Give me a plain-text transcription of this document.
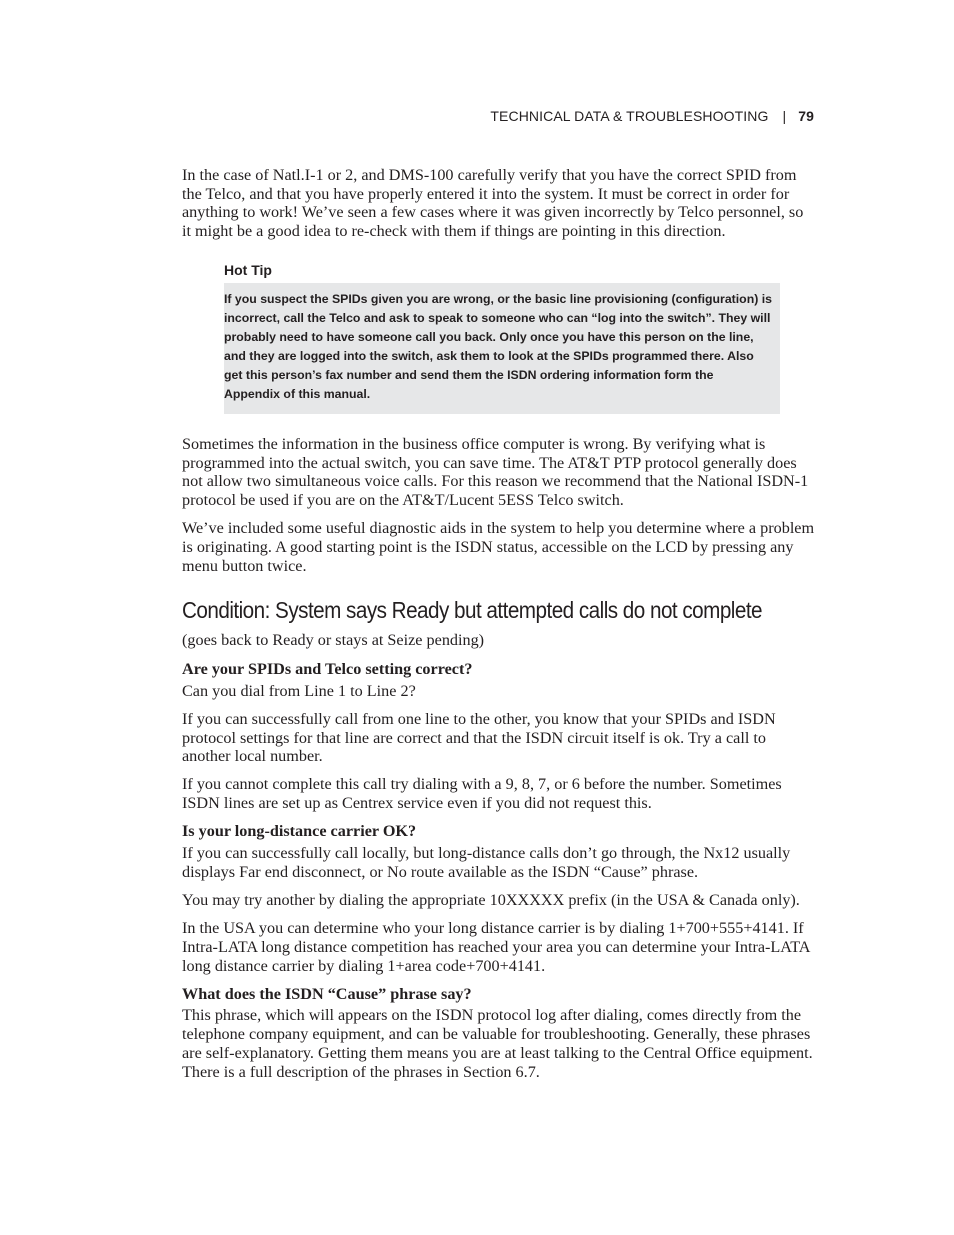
TECHNICAL DATA & TROUBLESHOOTING | 79

In the case of Natl.I-1 or 2, and DMS-100 carefully verify that you have the correct SPID from the Telco, and that you have properly entered it into the system. It must be correct in order for anything to work! We’ve seen a few cases where it was given incorrectly by Telco personnel, so it might be a good idea to re-check with them if things are pointing in this direction.

Hot Tip
If you suspect the SPIDs given you are wrong, or the basic line provisioning (configuration) is incorrect, call the Telco and ask to speak to someone who can “log into the switch”. They will probably need to have someone call you back. Only once you have this person on the line, and they are logged into the switch, ask them to look at the SPIDs programmed there. Also get this person’s fax number and send them the ISDN ordering information form the Appendix of this manual.

Sometimes the information in the business office computer is wrong. By verifying what is programmed into the actual switch, you can save time. The AT&T PTP protocol generally does not allow two simultaneous voice calls. For this reason we recommend that the National ISDN-1 protocol be used if you are on the AT&T/Lucent 5ESS Telco switch.

We’ve included some useful diagnostic aids in the system to help you determine where a problem is originating. A good starting point is the ISDN status, accessible on the LCD by pressing any menu button twice.

Condition: System says Ready but attempted calls do not complete

(goes back to Ready or stays at Seize pending)

Are your SPIDs and Telco setting correct?

Can you dial from Line 1 to Line 2?

If you can successfully call from one line to the other, you know that your SPIDs and ISDN protocol settings for that line are correct and that the ISDN circuit itself is ok. Try a call to another local number.

If you cannot complete this call try dialing with a 9, 8, 7, or 6 before the number. Sometimes ISDN lines are set up as Centrex service even if you did not request this.

Is your long-distance carrier OK?

If you can successfully call locally, but long-distance calls don’t go through, the Nx12 usually displays Far end disconnect, or No route available as the ISDN “Cause” phrase.

You may try another by dialing the appropriate 10XXXXX prefix (in the USA & Canada only).

In the USA you can determine who your long distance carrier is by dialing 1+700+555+4141. If Intra-LATA long distance competition has reached your area you can determine your Intra-LATA long distance carrier by dialing 1+area code+700+4141.

What does the ISDN “Cause” phrase say?

This phrase, which will appears on the ISDN protocol log after dialing, comes directly from the telephone company equipment, and can be valuable for troubleshooting. Generally, these phrases are self-explanatory. Getting them means you are at least talking to the Central Office equipment. There is a full description of the phrases in Section 6.7.
